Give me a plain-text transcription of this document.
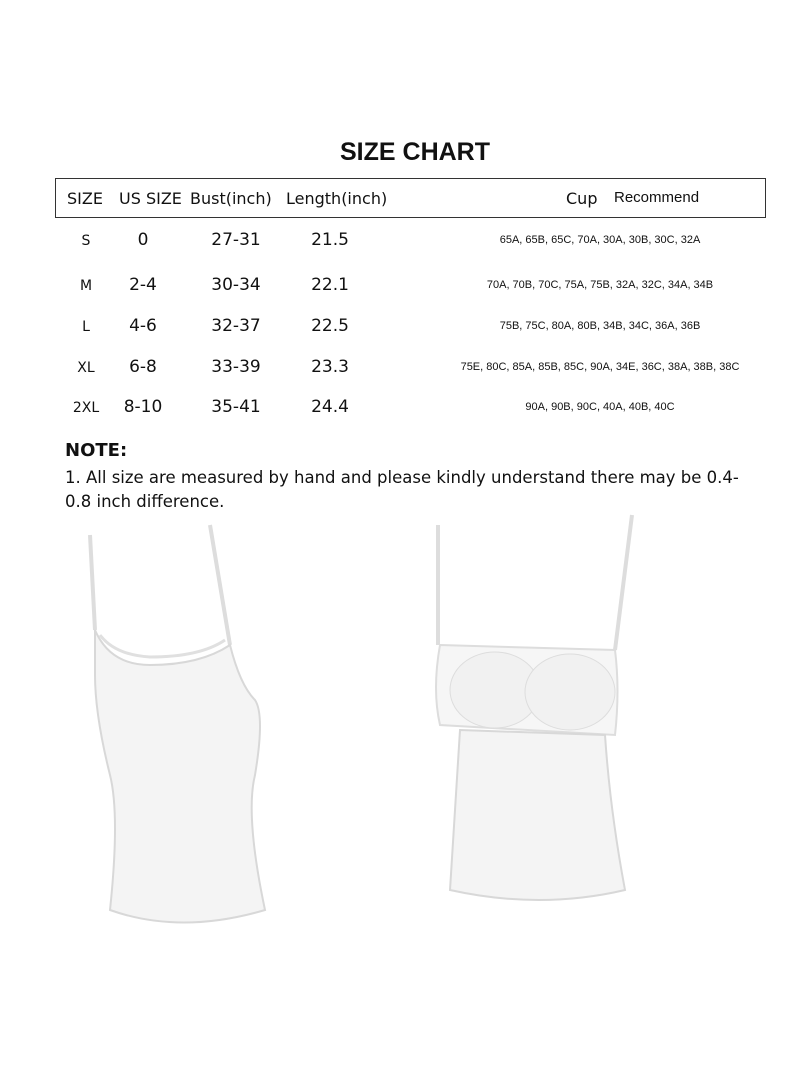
SIZE CHART
SIZE US SIZE Bust(inch) Length(inch)	Cup Recommend
S	0	27-31	21.5	65A, 65B, 65C, 70A, 30A, 30B, 30C, 32A
M 2-4	30-34	22.1	70A, 70B, 70C, 75A, 75B, 32A, 32C, 34A, 34B
L 4-6	32-37	22.5	75B, 75C, 80A, 80B, 34B, 34C, 36A, 36B
XL 6-8	33-39	23.3	75E, 80C, 85A, 85B, 85C, 90A, 34E, 36C, 38A, 38B, 38C
2XL 8-10	35-41	24.4	90A, 90B, 90C, 40A, 40B, 40C
NOTE:
1. All size are measured by hand and please kindly understand there may be 0.4-0.8 inch difference.
